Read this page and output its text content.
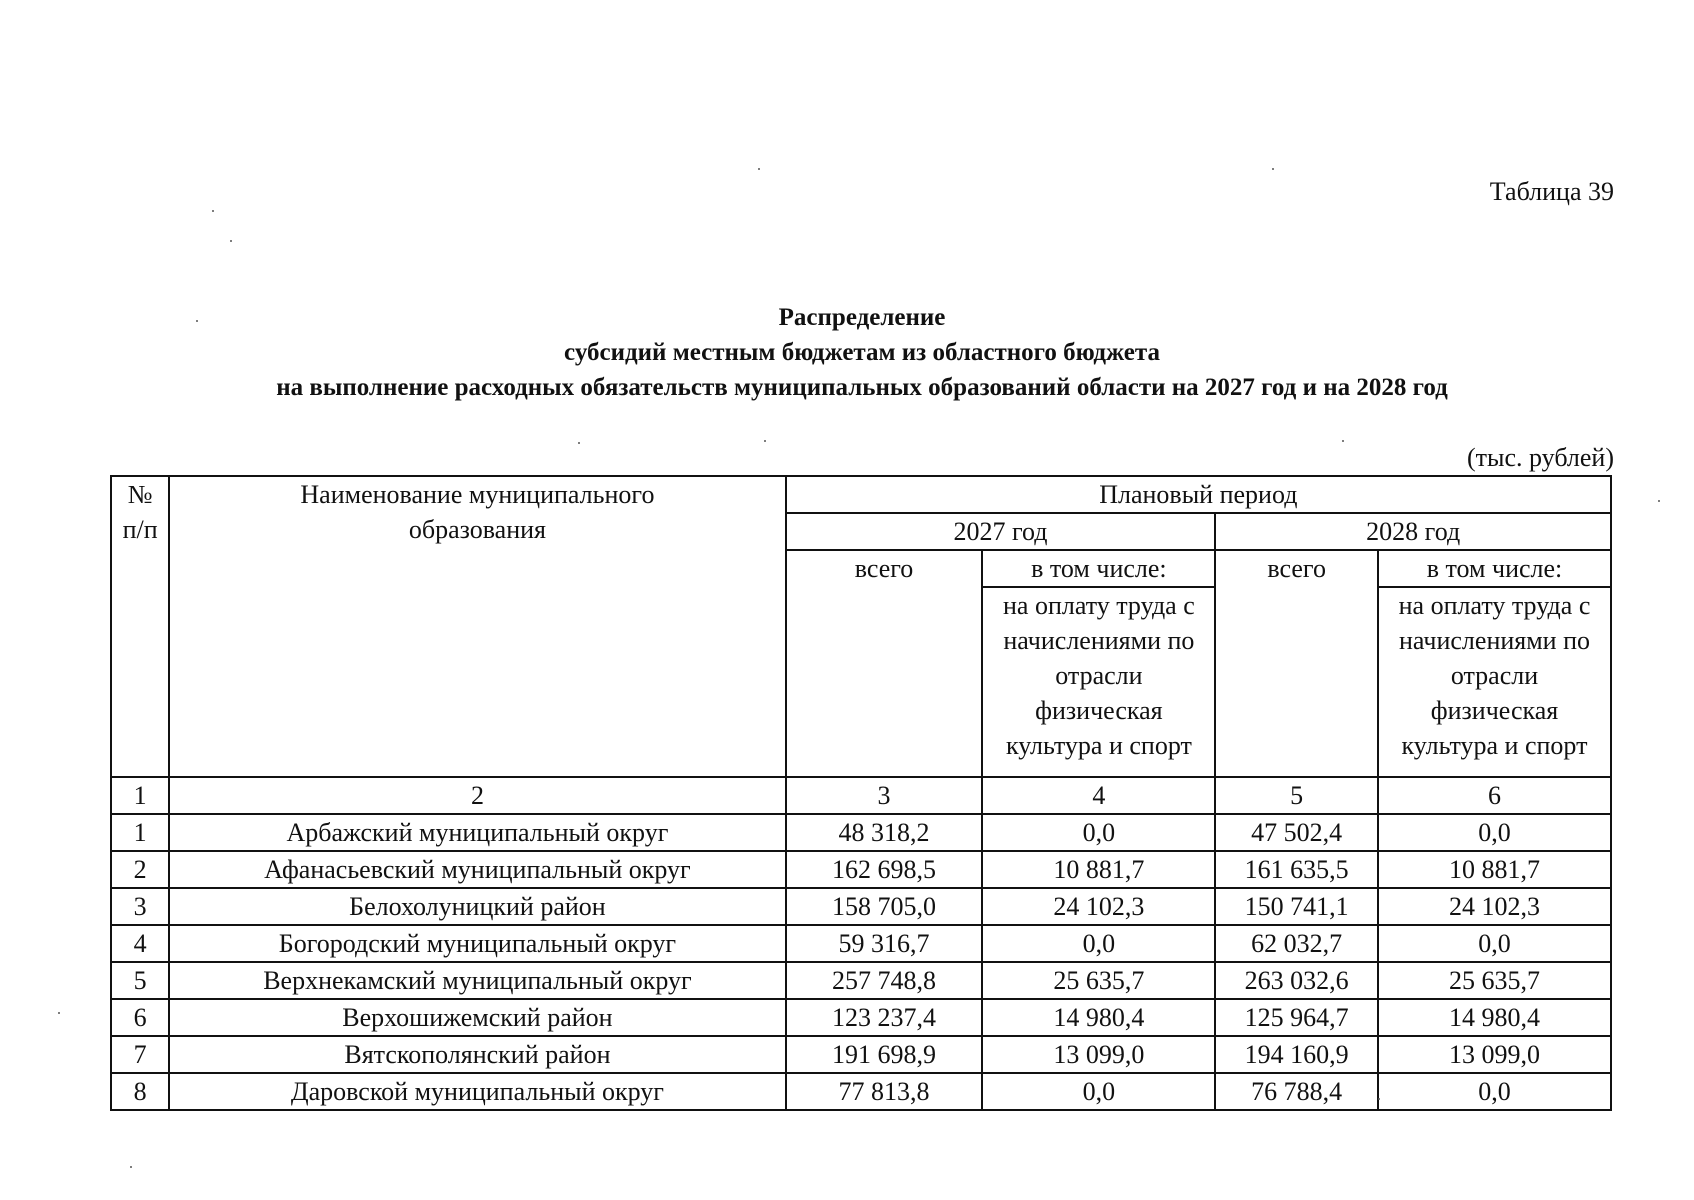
Таблица 39
Распределение
субсидий местным бюджетам из областного бюджета
на выполнение расходных обязательств муниципальных образований области на 2027 год и на 2028 год
(тыс. рублей)
№ п/п	Наименование муниципального образования	Плановый период			
		2027 год		2028 год	
		всего	в том числе:	всего	в том числе:
			на оплату труда с начислениями по отрасли физическая культура и спорт		на оплату труда с начислениями по отрасли физическая культура и спорт
1	2	3	4	5	6
1	Арбажский муниципальный округ	48 318,2	0,0	47 502,4	0,0
2	Афанасьевский муниципальный округ	162 698,5	10 881,7	161 635,5	10 881,7
3	Белохолуницкий район	158 705,0	24 102,3	150 741,1	24 102,3
4	Богородский муниципальный округ	59 316,7	0,0	62 032,7	0,0
5	Верхнекамский муниципальный округ	257 748,8	25 635,7	263 032,6	25 635,7
6	Верхошижемский район	123 237,4	14 980,4	125 964,7	14 980,4
7	Вятскополянский район	191 698,9	13 099,0	194 160,9	13 099,0
8	Даровской муниципальный округ	77 813,8	0,0	76 788,4	0,0
